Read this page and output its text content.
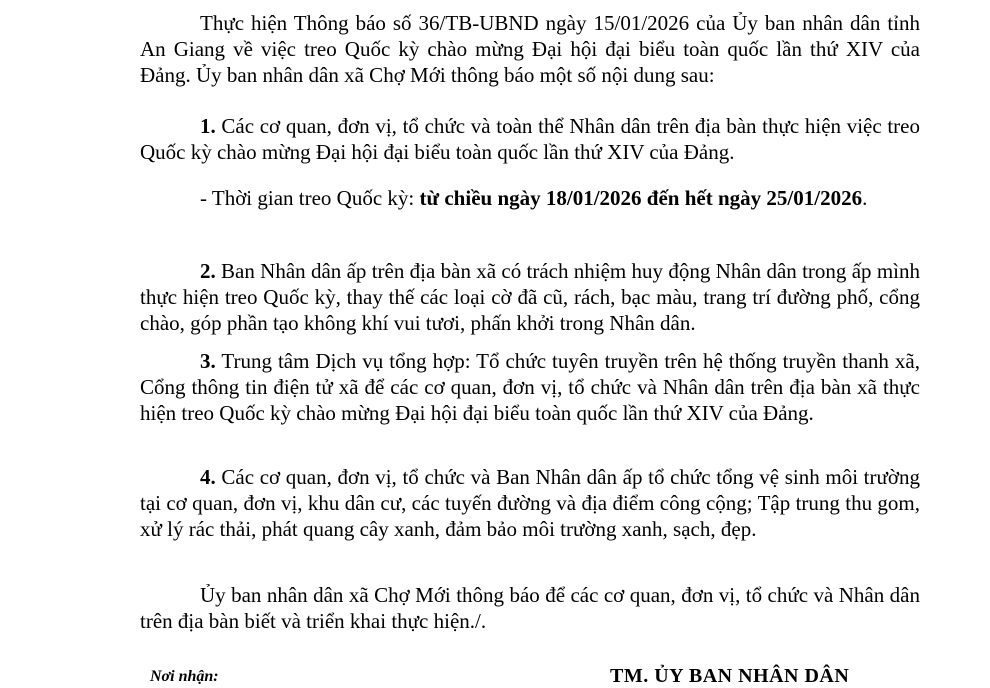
Thực hiện Thông báo số 36/TB-UBND ngày 15/01/2026 của Ủy ban nhân dân tỉnh An Giang về việc treo Quốc kỳ chào mừng Đại hội đại biểu toàn quốc lần thứ XIV của Đảng. Ủy ban nhân dân xã Chợ Mới thông báo một số nội dung sau:

1. Các cơ quan, đơn vị, tổ chức và toàn thể Nhân dân trên địa bàn thực hiện việc treo Quốc kỳ chào mừng Đại hội đại biểu toàn quốc lần thứ XIV của Đảng.

- Thời gian treo Quốc kỳ: từ chiều ngày 18/01/2026 đến hết ngày 25/01/2026.

2. Ban Nhân dân ấp trên địa bàn xã có trách nhiệm huy động Nhân dân trong ấp mình thực hiện treo Quốc kỳ, thay thế các loại cờ đã cũ, rách, bạc màu, trang trí đường phố, cổng chào, góp phần tạo không khí vui tươi, phấn khởi trong Nhân dân.

3. Trung tâm Dịch vụ tổng hợp: Tổ chức tuyên truyền trên hệ thống truyền thanh xã, Cổng thông tin điện tử xã để các cơ quan, đơn vị, tổ chức và Nhân dân trên địa bàn xã thực hiện treo Quốc kỳ chào mừng Đại hội đại biểu toàn quốc lần thứ XIV của Đảng.

4. Các cơ quan, đơn vị, tổ chức và Ban Nhân dân ấp tổ chức tổng vệ sinh môi trường tại cơ quan, đơn vị, khu dân cư, các tuyến đường và địa điểm công cộng; Tập trung thu gom, xử lý rác thải, phát quang cây xanh, đảm bảo môi trường xanh, sạch, đẹp.

Ủy ban nhân dân xã Chợ Mới thông báo để các cơ quan, đơn vị, tổ chức và Nhân dân trên địa bàn biết và triển khai thực hiện./.

Nơi nhận:	TM. ỦY BAN NHÂN DÂN
